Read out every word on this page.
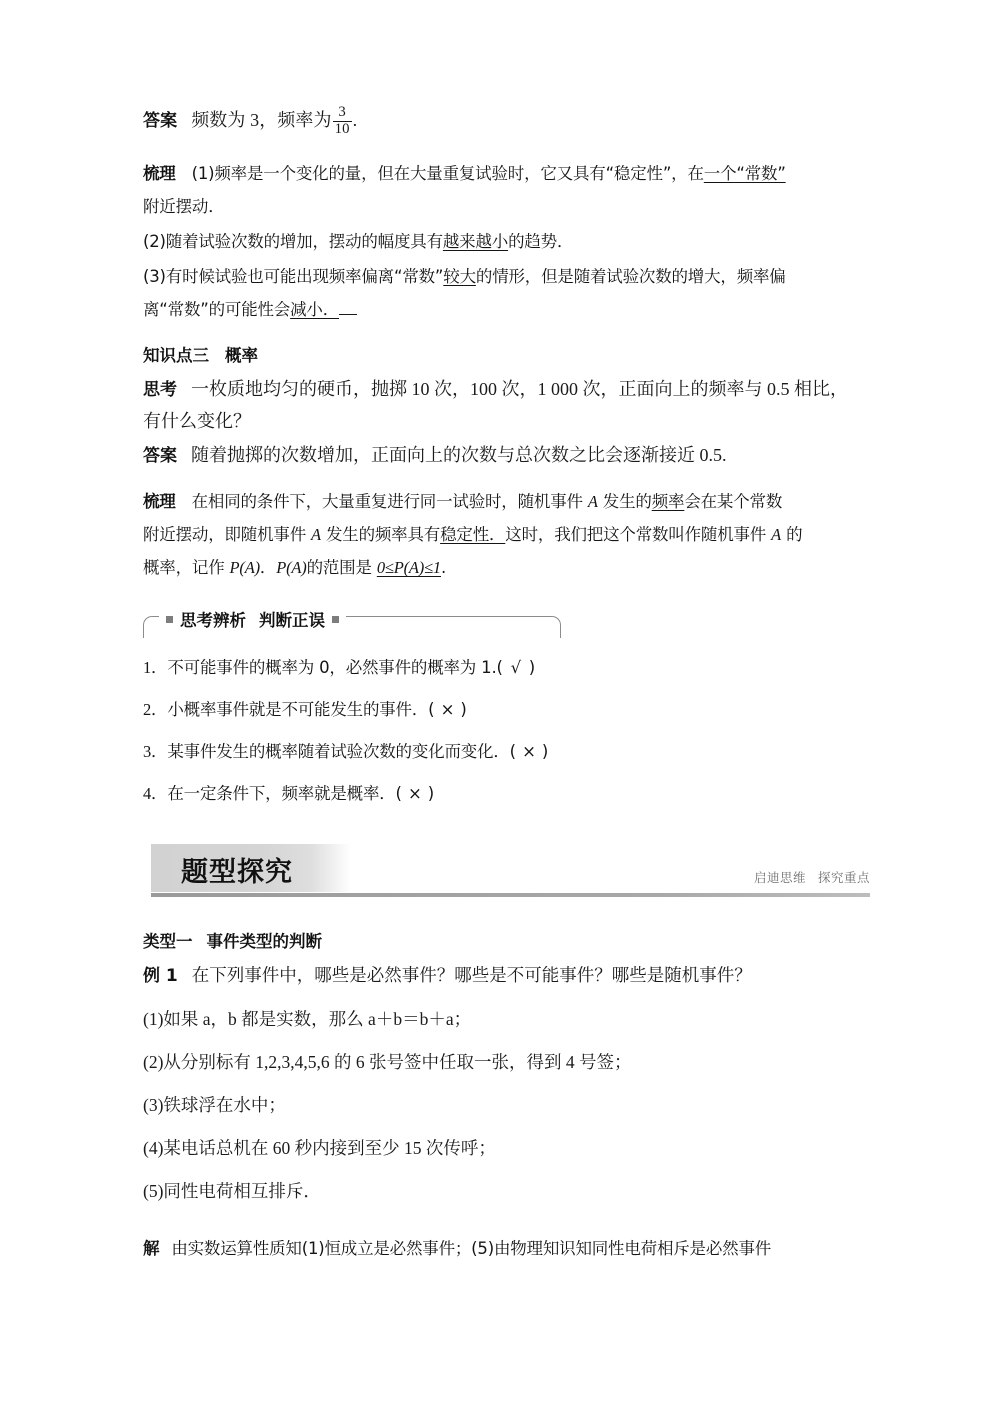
答案 频数为 3，频率为 $\frac{3}{10}$ .
梳理 (1)频率是一个变化的量，但在大量重复试验时，它又具有“稳定性”，在一个“常数”
附近摆动．
(2)随着试验次数的增加，摆动的幅度具有越来越小的趋势．
(3)有时候试验也可能出现频率偏离“常数”较大的情形，但是随着试验次数的增大，频率偏
离“常数”的可能性会减小．
知识点三 概率
思考 一枚质地均匀的硬币，抛掷 10 次，100 次，1 000 次，正面向上的频率与 0.5 相比，
有什么变化？
答案 随着抛掷的次数增加，正面向上的次数与总次数之比会逐渐接近 0.5.
梳理 在相同的条件下，大量重复进行同一试验时，随机事件 A 发生的频率会在某个常数
附近摆动，即随机事件 A 发生的频率具有稳定性．这时，我们把这个常数叫作随机事件 A 的
概率，记作 P(A)．P(A)的范围是 0≤P(A)≤1.
思考辨析 判断正误
1．不可能事件的概率为 0，必然事件的概率为 1.( √ )
2．小概率事件就是不可能发生的事件．( × )
3．某事件发生的概率随着试验次数的变化而变化．( × )
4．在一定条件下，频率就是概率．( × )
题型探究	启迪思维 探究重点
类型一 事件类型的判断
例 1 在下列事件中，哪些是必然事件？哪些是不可能事件？哪些是随机事件？
(1)如果 a，b 都是实数，那么 a＋b＝b＋a；
(2)从分别标有 1,2,3,4,5,6 的 6 张号签中任取一张，得到 4 号签；
(3)铁球浮在水中；
(4)某电话总机在 60 秒内接到至少 15 次传呼；
(5)同性电荷相互排斥．
解 由实数运算性质知(1)恒成立是必然事件；(5)由物理知识知同性电荷相斥是必然事件
